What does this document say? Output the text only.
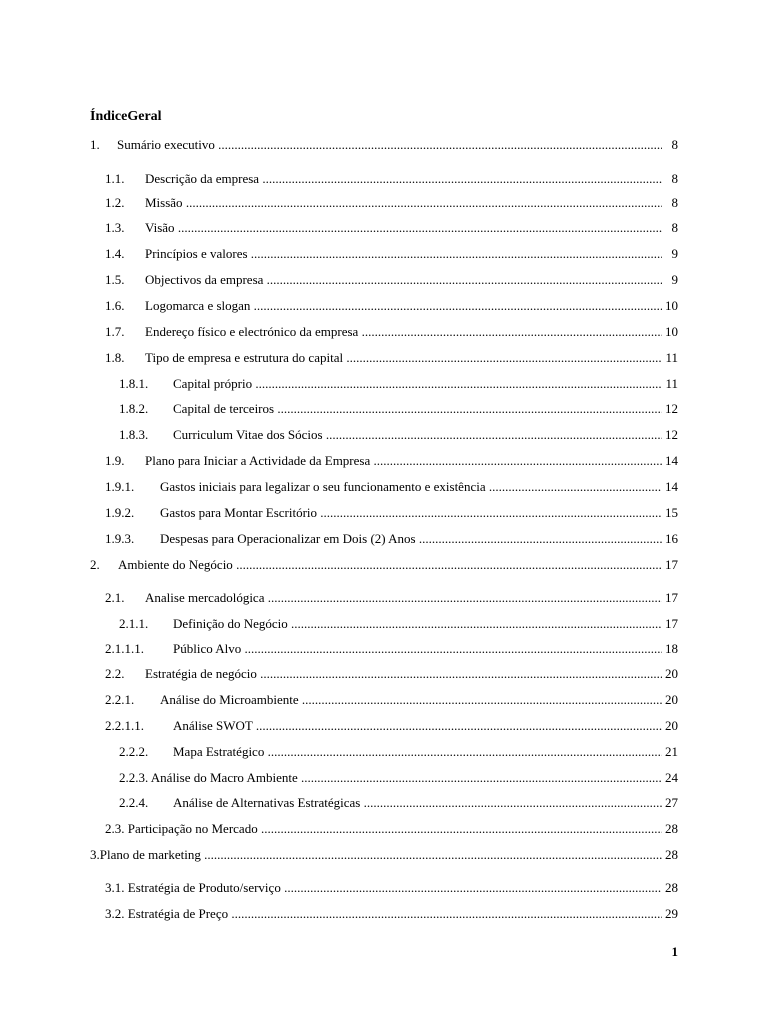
ÍndiceGeral
1. Sumário executivo .....	8
1.1. Descrição da empresa .....	8
1.2. Missão .....	8
1.3. Visão .....	8
1.4. Princípios e valores .....	9
1.5. Objectivos da empresa .....	9
1.6. Logomarca e slogan .....	10
1.7. Endereço físico e electrónico da empresa .....	10
1.8. Tipo de empresa e estrutura do capital .....	11
1.8.1. Capital próprio .....	11
1.8.2. Capital de terceiros .....	12
1.8.3. Curriculum Vitae dos Sócios .....	12
1.9. Plano para Iniciar a Actividade da Empresa .....	14
1.9.1. Gastos iniciais para legalizar o seu funcionamento e existência .....	14
1.9.2. Gastos para Montar Escritório .....	15
1.9.3. Despesas para Operacionalizar em Dois (2) Anos .....	16
2. Ambiente do Negócio .....	17
2.1. Analise mercadológica .....	17
2.1.1. Definição do Negócio .....	17
2.1.1.1. Público Alvo .....	18
2.2. Estratégia de negócio .....	20
2.2.1. Análise do Microambiente .....	20
2.2.1.1. Análise SWOT .....	20
2.2.2. Mapa Estratégico .....	21
2.2.3. Análise do Macro Ambiente .....	24
2.2.4. Análise de Alternativas Estratégicas .....	27
2.3. Participação no Mercado .....	28
3.Plano de marketing .....	28
3.1. Estratégia de Produto/serviço .....	28
3.2. Estratégia de Preço .....	29
1
